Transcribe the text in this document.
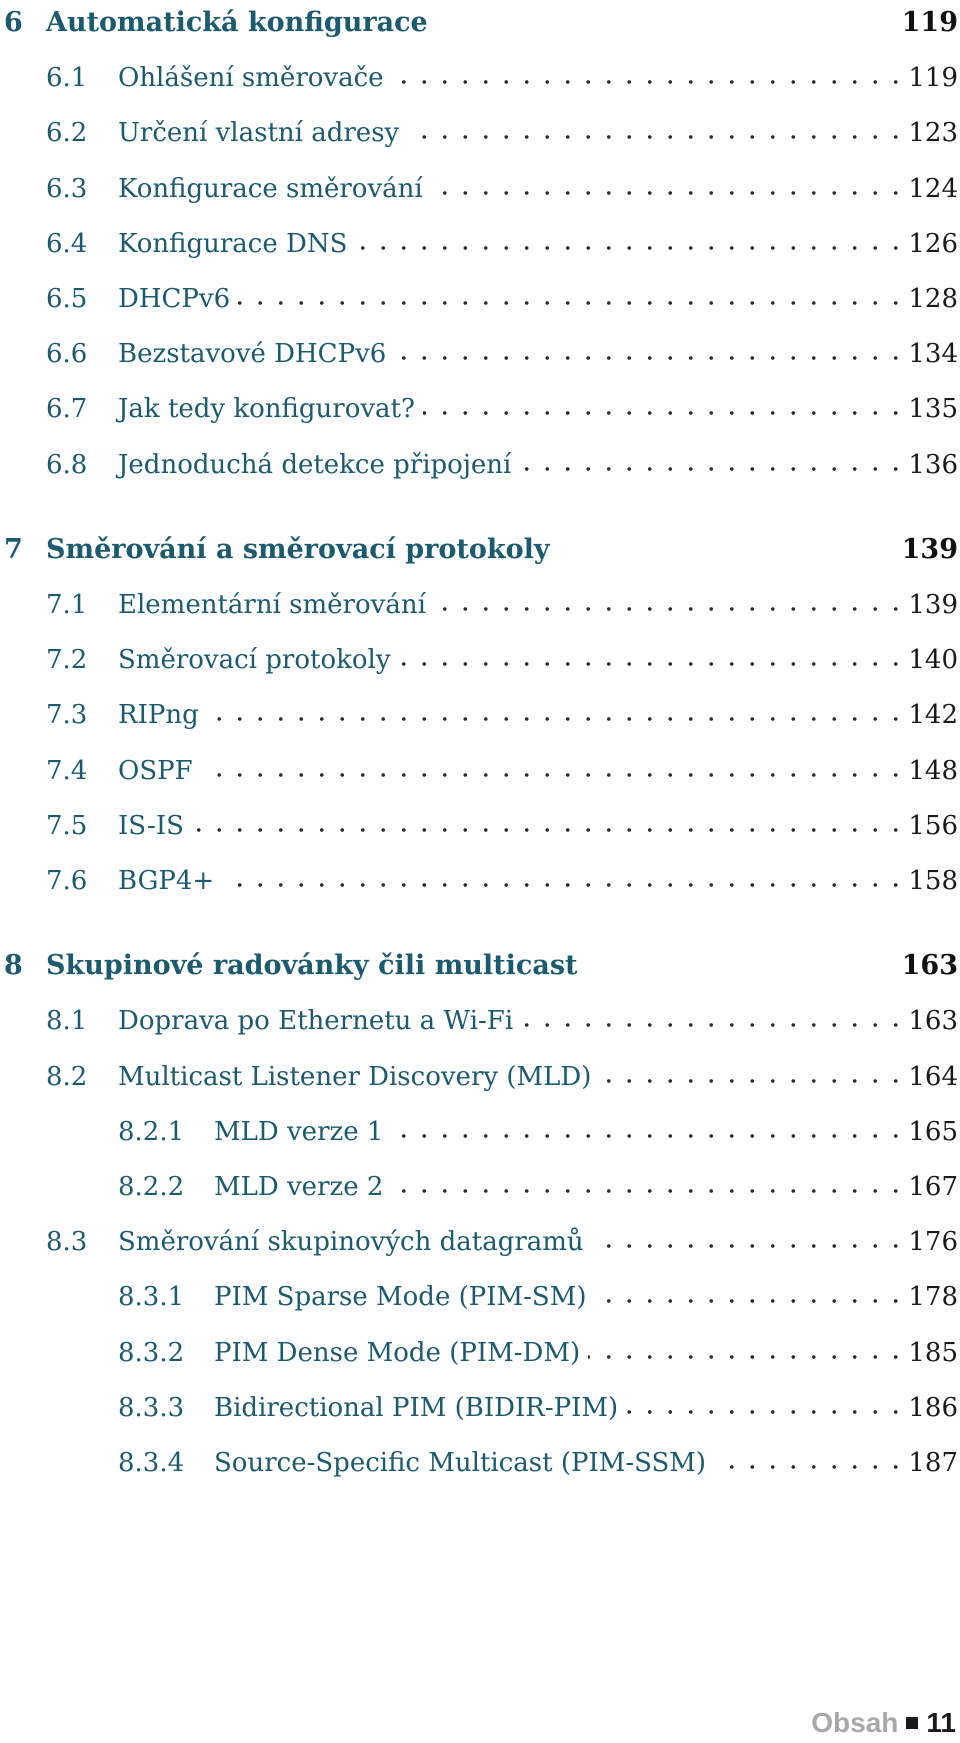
6 Automatická konfigurace	119
6.1 Ohlášení směrovače	119
6.2 Určení vlastní adresy	123
6.3 Konfigurace směrování	124
6.4 Konfigurace DNS	126
6.5 DHCPv6	128
6.6 Bezstavové DHCPv6	134
6.7 Jak tedy konfigurovat?	135
6.8 Jednoduchá detekce připojení	136
7 Směrování a směrovací protokoly	139
7.1 Elementární směrování	139
7.2 Směrovací protokoly	140
7.3 RIPng	142
7.4 OSPF	148
7.5 IS-IS	156
7.6 BGP4+	158
8 Skupinové radovánky čili multicast	163
8.1 Doprava po Ethernetu a Wi-Fi	163
8.2 Multicast Listener Discovery (MLD)	164
8.2.1 MLD verze 1	165
8.2.2 MLD verze 2	167
8.3 Směrování skupinových datagramů	176
8.3.1 PIM Sparse Mode (PIM-SM)	178
8.3.2 PIM Dense Mode (PIM-DM)	185
8.3.3 Bidirectional PIM (BIDIR-PIM)	186
8.3.4 Source-Specific Multicast (PIM-SSM)	187
Obsah 11
